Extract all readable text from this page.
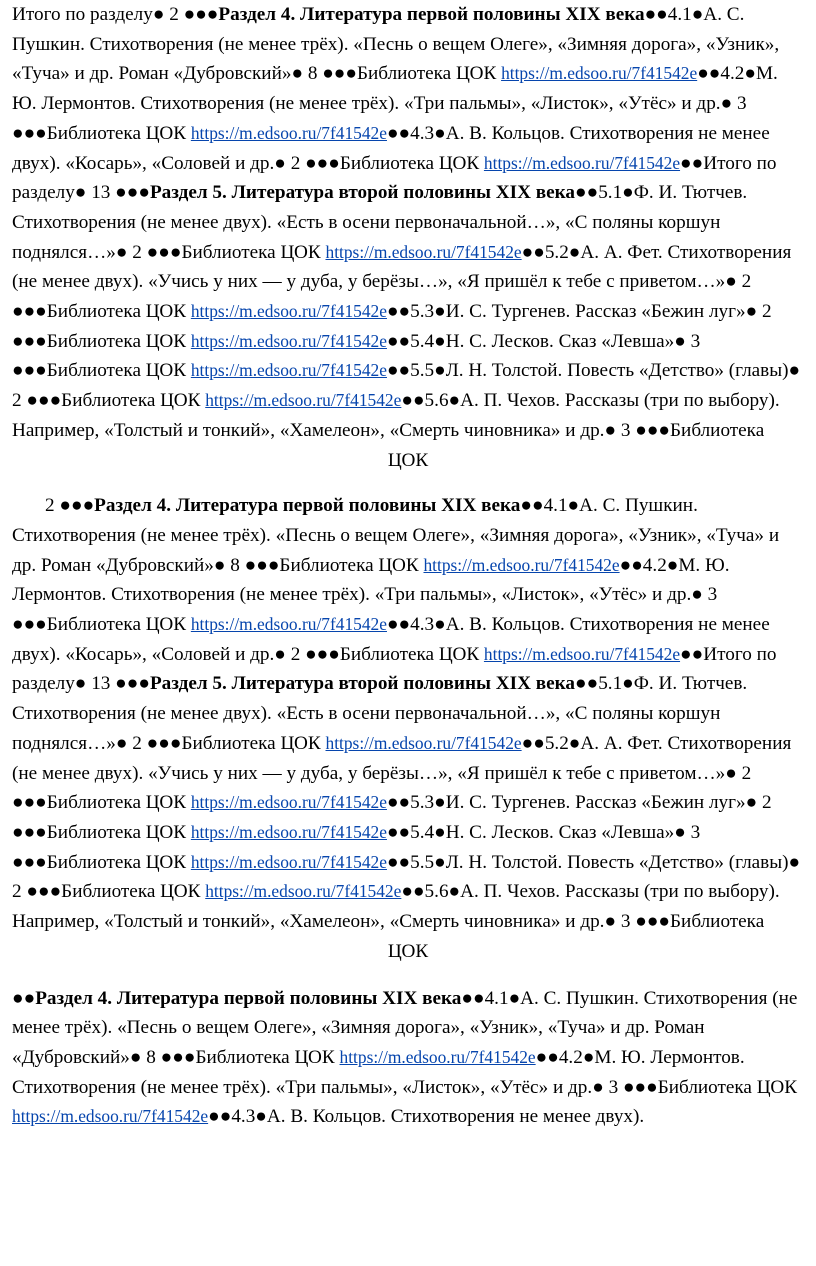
Итого по разделу● 2 ●●●Раздел 4. Литература первой половины XIX века●●4.1●А. С. Пушкин. Стихотворения (не менее трёх). «Песнь о вещем Олеге», «Зимняя дорога», «Узник», «Туча» и др. Роман «Дубровский»● 8 ●●●Библиотека ЦОК https://m.edsoo.ru/7f41542e●●4.2●М. Ю. Лермонтов. Стихотворения (не менее трёх). «Три пальмы», «Листок», «Утёс» и др.● 3 ●●●Библиотека ЦОК https://m.edsoo.ru/7f41542e●●4.3●А. В. Кольцов. Стихотворения не менее двух). «Косарь», «Соловей и др.● 2 ●●●Библиотека ЦОК https://m.edsoo.ru/7f41542e●●Итого по разделу● 13 ●●●Раздел 5. Литература второй половины XIX века●●5.1●Ф. И. Тютчев. Стихотворения (не менее двух). «Есть в осени первоначальной…», «С поляны коршун поднялся…»● 2 ●●●Библиотека ЦОК https://m.edsoo.ru/7f41542e●●5.2●А. А. Фет. Стихотворения (не менее двух). «Учись у них — у дуба, у берёзы…», «Я пришёл к тебе с приветом…»● 2 ●●●Библиотека ЦОК https://m.edsoo.ru/7f41542e●●5.3●И. С. Тургенев. Рассказ «Бежин луг»● 2 ●●●Библиотека ЦОК https://m.edsoo.ru/7f41542e●●5.4●Н. С. Лесков. Сказ «Левша»● 3 ●●●Библиотека ЦОК https://m.edsoo.ru/7f41542e●●5.5●Л. Н. Толстой. Повесть «Детство» (главы)● 2 ●●●Библиотека ЦОК https://m.edsoo.ru/7f41542e●●5.6●А. П. Чехов. Рассказы (три по выбору). Например, «Толстый и тонкий», «Хамелеон», «Смерть чиновника» и др.● 3 ●●●Библиотека ЦОК

2 ●●●Раздел 4. Литература первой половины XIX века●●4.1●А. С. Пушкин. Стихотворения (не менее трёх). «Песнь о вещем Олеге», «Зимняя дорога», «Узник», «Туча» и др. Роман «Дубровский»● 8 ●●●Библиотека ЦОК https://m.edsoo.ru/7f41542e●●4.2●М. Ю. Лермонтов. Стихотворения (не менее трёх). «Три пальмы», «Листок», «Утёс» и др.● 3 ●●●Библиотека ЦОК https://m.edsoo.ru/7f41542e●●4.3●А. В. Кольцов. Стихотворения не менее двух). «Косарь», «Соловей и др.● 2 ●●●Библиотека ЦОК https://m.edsoo.ru/7f41542e●●Итого по разделу● 13 ●●●Раздел 5. Литература второй половины XIX века●●5.1●Ф. И. Тютчев. Стихотворения (не менее двух). «Есть в осени первоначальной…», «С поляны коршун поднялся…»● 2 ●●●Библиотека ЦОК https://m.edsoo.ru/7f41542e●●5.2●А. А. Фет. Стихотворения (не менее двух). «Учись у них — у дуба, у берёзы…», «Я пришёл к тебе с приветом…»● 2 ●●●Библиотека ЦОК https://m.edsoo.ru/7f41542e●●5.3●И. С. Тургенев. Рассказ «Бежин луг»● 2 ●●●Библиотека ЦОК https://m.edsoo.ru/7f41542e●●5.4●Н. С. Лесков. Сказ «Левша»● 3 ●●●Библиотека ЦОК https://m.edsoo.ru/7f41542e●●5.5●Л. Н. Толстой. Повесть «Детство» (главы)● 2 ●●●Библиотека ЦОК https://m.edsoo.ru/7f41542e●●5.6●А. П. Чехов. Рассказы (три по выбору). Например, «Толстый и тонкий», «Хамелеон», «Смерть чиновника» и др.● 3 ●●●Библиотека ЦОК

●●Раздел 4. Литература первой половины XIX века●●4.1●А. С. Пушкин. Стихотворения (не менее трёх). «Песнь о вещем Олеге», «Зимняя дорога», «Узник», «Туча» и др. Роман «Дубровский»● 8 ●●●Библиотека ЦОК https://m.edsoo.ru/7f41542e●●4.2●М. Ю. Лермонтов. Стихотворения (не менее трёх). «Три пальмы», «Листок», «Утёс» и др.● 3 ●●●Библиотека ЦОК https://m.edsoo.ru/7f41542e●●4.3●А. В. Кольцов. Стихотворения не менее двух).
